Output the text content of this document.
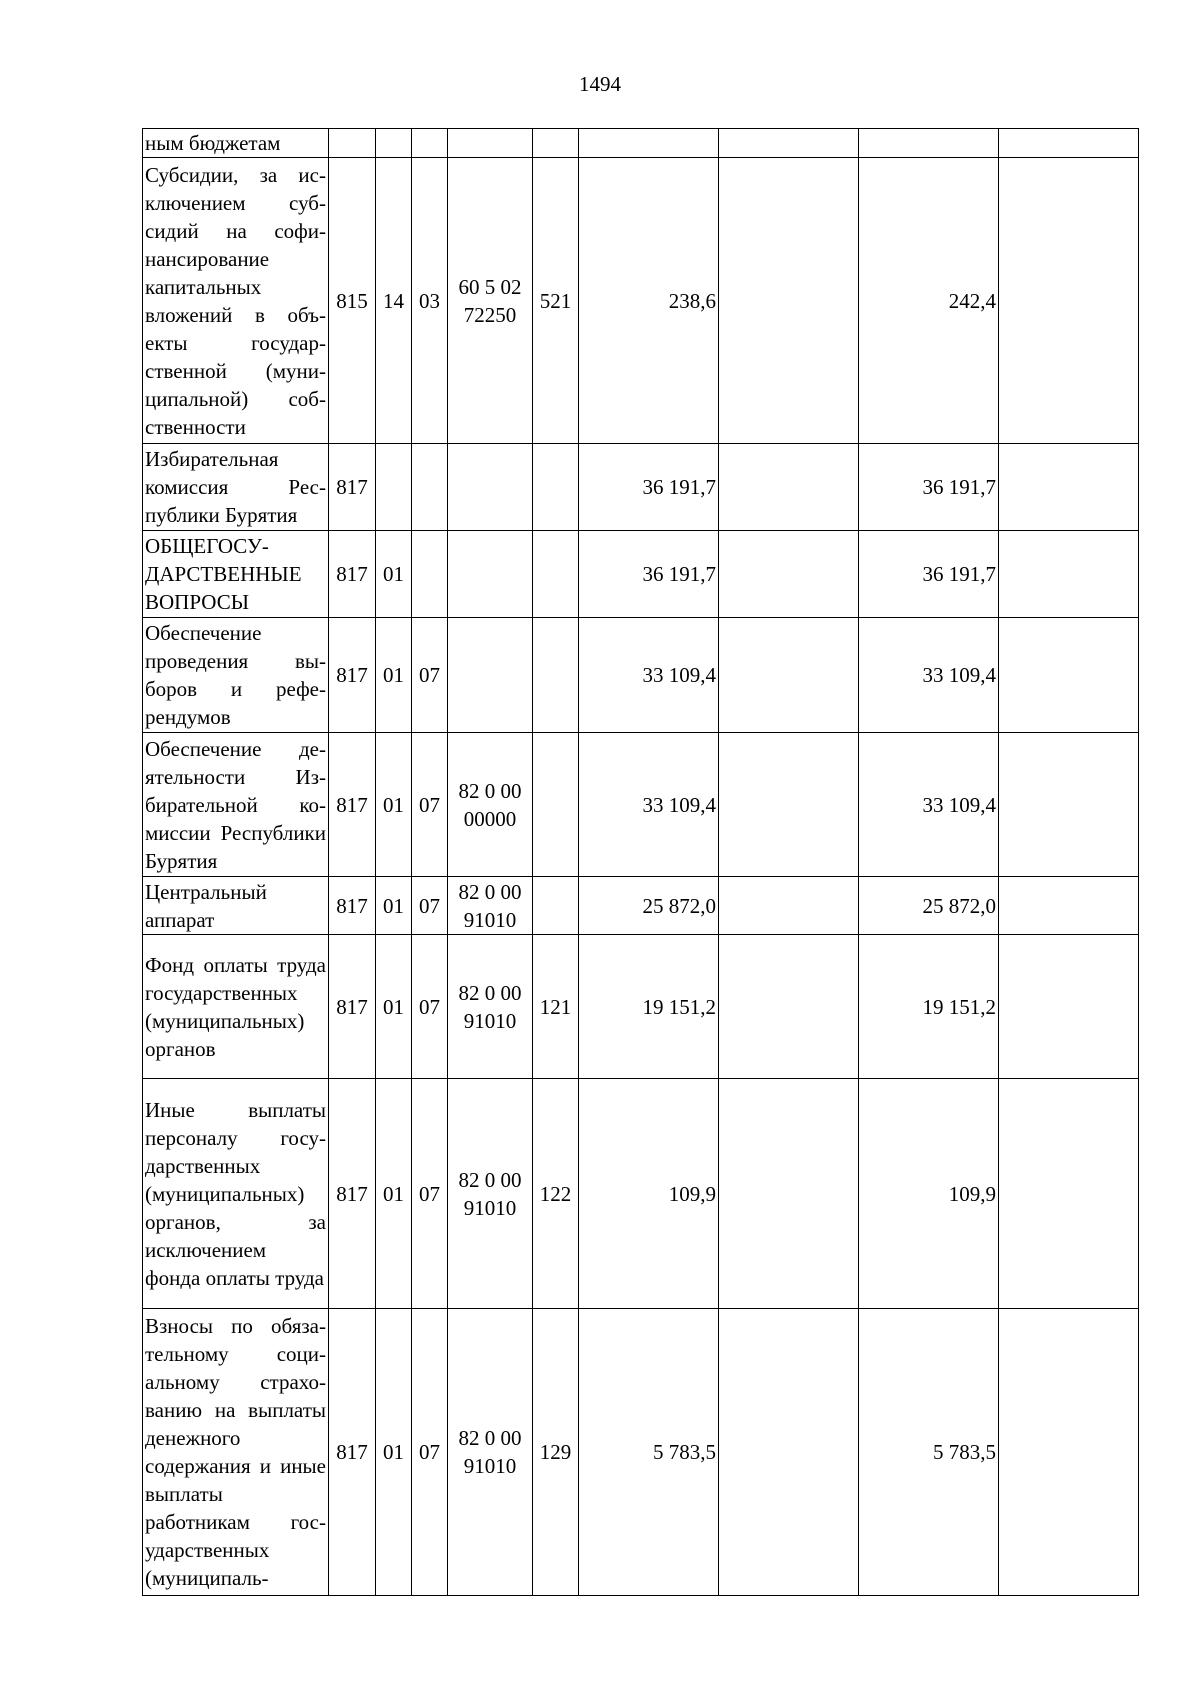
1494
ным бюджетам									
Субсидии, за исключением субсидий на софинансирование капитальных вложений в объекты государственной (муниципальной) собственности	815	14	03	60 5 02 72250	521	238,6		242,4	
Избирательная комиссия Республики Бурятия	817					36 191,7		36 191,7	
ОБЩЕГОСУДАРСТВЕННЫЕ ВОПРОСЫ	817	01				36 191,7		36 191,7	
Обеспечение проведения выборов и референдумов	817	01	07			33 109,4		33 109,4	
Обеспечение деятельности Избирательной комиссии Республики Бурятия	817	01	07	82 0 00 00000		33 109,4		33 109,4	
Центральный аппарат	817	01	07	82 0 00 91010		25 872,0		25 872,0	
Фонд оплаты труда государственных (муниципальных) органов	817	01	07	82 0 00 91010	121	19 151,2		19 151,2	
Иные выплаты персоналу государственных (муниципальных) органов, за исключением фонда оплаты труда	817	01	07	82 0 00 91010	122	109,9		109,9	
Взносы по обязательному социальному страхованию на выплаты денежного содержания и иные выплаты работникам государственных (муниципаль-	817	01	07	82 0 00 91010	129	5 783,5		5 783,5	
